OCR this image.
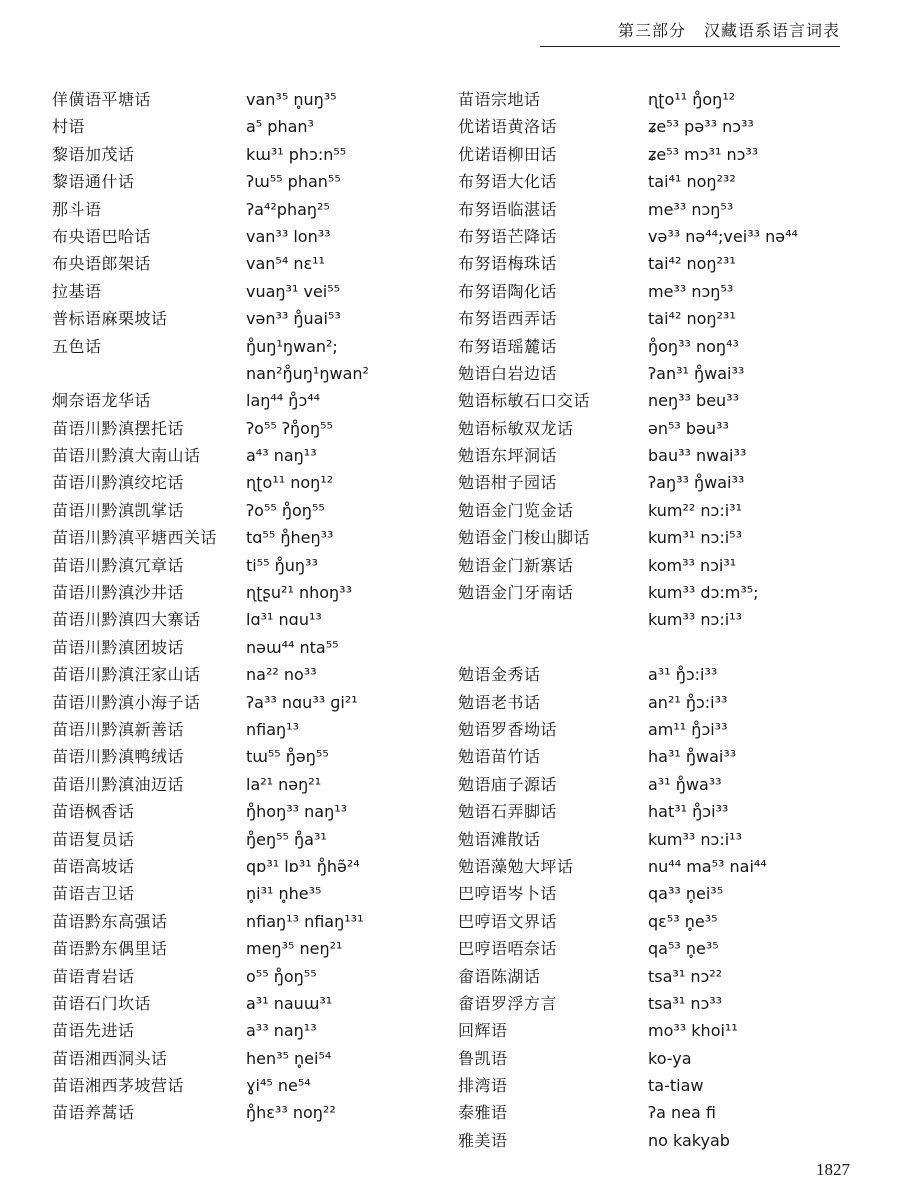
第三部分 汉藏语系语言词表
佯僙语平塘话	van³⁵ n̥uŋ³⁵
村语	a⁵ phan³
黎语加茂话	kɯ³¹ phɔ:n⁵⁵
黎语通什话	ʔɯ⁵⁵ phan⁵⁵
那斗语	ʔa⁴²phaŋ²⁵
布央语巴哈话	van³³ lon³³
布央语郎架话	van⁵⁴ nɛ¹¹
拉基语	vuaŋ³¹ vei⁵⁵
普标语麻栗坡话	vən³³ ŋ̊uai⁵³
五色话	ŋ̊uŋ¹ŋwan²;
nan²ŋ̊uŋ¹ŋwan²
炯奈语龙华话	laŋ⁴⁴ ŋ̊ɔ⁴⁴
苗语川黔滇摆托话	ʔo⁵⁵ ʔŋ̊oŋ⁵⁵
苗语川黔滇大南山话	a⁴³ naŋ¹³
苗语川黔滇绞坨话	ɳʈo¹¹ noŋ¹²
苗语川黔滇凯掌话	ʔo⁵⁵ ŋ̊oŋ⁵⁵
苗语川黔滇平塘西关话 tɑ⁵⁵ ŋ̊heŋ³³
苗语川黔滇冗章话	ti⁵⁵ ŋ̊uŋ³³
苗语川黔滇沙井话	ɳʈʂu²¹ nhoŋ³³
苗语川黔滇四大寨话	lɑ³¹ nɑu¹³
苗语川黔滇团坡话	nəɯ⁴⁴ nta⁵⁵
苗语川黔滇汪家山话	na²² no³³
苗语川黔滇小海子话	ʔa³³ nɑu³³ ɡi²¹
苗语川黔滇新善话	nfiaŋ¹³
苗语川黔滇鸭绒话	tɯ⁵⁵ ŋ̊əŋ⁵⁵
苗语川黔滇油迈话	la²¹ nəŋ²¹
苗语枫香话	ŋ̊hoŋ³³ naŋ¹³
苗语复员话	ŋ̊eŋ⁵⁵ ŋ̊a³¹
苗语高坡话	qɒ³¹ lɒ³¹ ŋ̊hə̃²⁴
苗语吉卫话	n̥i³¹ n̥he³⁵
苗语黔东高强话	nfiaŋ¹³ nfiaŋ¹³¹
苗语黔东偶里话	meŋ³⁵ neŋ²¹
苗语青岩话	o⁵⁵ ŋ̊oŋ⁵⁵
苗语石门坎话	a³¹ nauɯ³¹
苗语先进话	a³³ naŋ¹³
苗语湘西洞头话	hen³⁵ n̥ei⁵⁴
苗语湘西茅坡营话	ɣi⁴⁵ ne⁵⁴
苗语养蒿话	ŋ̊hɛ³³ noŋ²²
苗语宗地话	ɳʈo¹¹ ŋ̊oŋ¹²
优诺语黄洛话	ʑe⁵³ pə³³ nɔ³³
优诺语柳田话	ʑe⁵³ mɔ³¹ nɔ³³
布努语大化话	tai⁴¹ noŋ²³²
布努语临湛话	me³³ nɔŋ⁵³
布努语芒降话	və³³ nə⁴⁴;vei³³ nə⁴⁴
布努语梅珠话	tai⁴² noŋ²³¹
布努语陶化话	me³³ nɔŋ⁵³
布努语西弄话	tai⁴² noŋ²³¹
布努语瑶麓话	ŋ̊oŋ³³ noŋ⁴³
勉语白岩边话	ʔan³¹ ŋ̊wai³³
勉语标敏石口交话	neŋ³³ beu³³
勉语标敏双龙话	ən⁵³ bəu³³
勉语东坪洞话	bau³³ nwai³³
勉语柑子园话	ʔaŋ³³ ŋ̊wai³³
勉语金门览金话	kum²² nɔ:i³¹
勉语金门梭山脚话	kum³¹ nɔ:i⁵³
勉语金门新寨话	kom³³ nɔi³¹
勉语金门牙南话	kum³³ dɔ:m³⁵;
kum³³ nɔ:i¹³
勉语金秀话	a³¹ ŋ̊ɔ:i³³
勉语老书话	an²¹ ŋ̊ɔ:i³³
勉语罗香坳话	am¹¹ ŋ̊ɔi³³
勉语苗竹话	ha³¹ ŋ̊wai³³
勉语庙子源话	a³¹ ŋ̊wa³³
勉语石弄脚话	hat³¹ ŋ̊ɔi³³
勉语滩散话	kum³³ nɔ:i¹³
勉语藻勉大坪话	nu⁴⁴ ma⁵³ nai⁴⁴
巴哼语岑卜话	qa³³ n̥ei³⁵
巴哼语文界话	qɛ⁵³ n̥e³⁵
巴哼语唔奈话	qa⁵³ n̥e³⁵
畲语陈湖话	tsa³¹ nɔ²²
畲语罗浮方言	tsa³¹ nɔ³³
回辉语	mo³³ khoi¹¹
鲁凯语	ko-ya
排湾语	ta-tiaw
泰雅语	ʔa nea fi
雅美语	no kakyab
1827
